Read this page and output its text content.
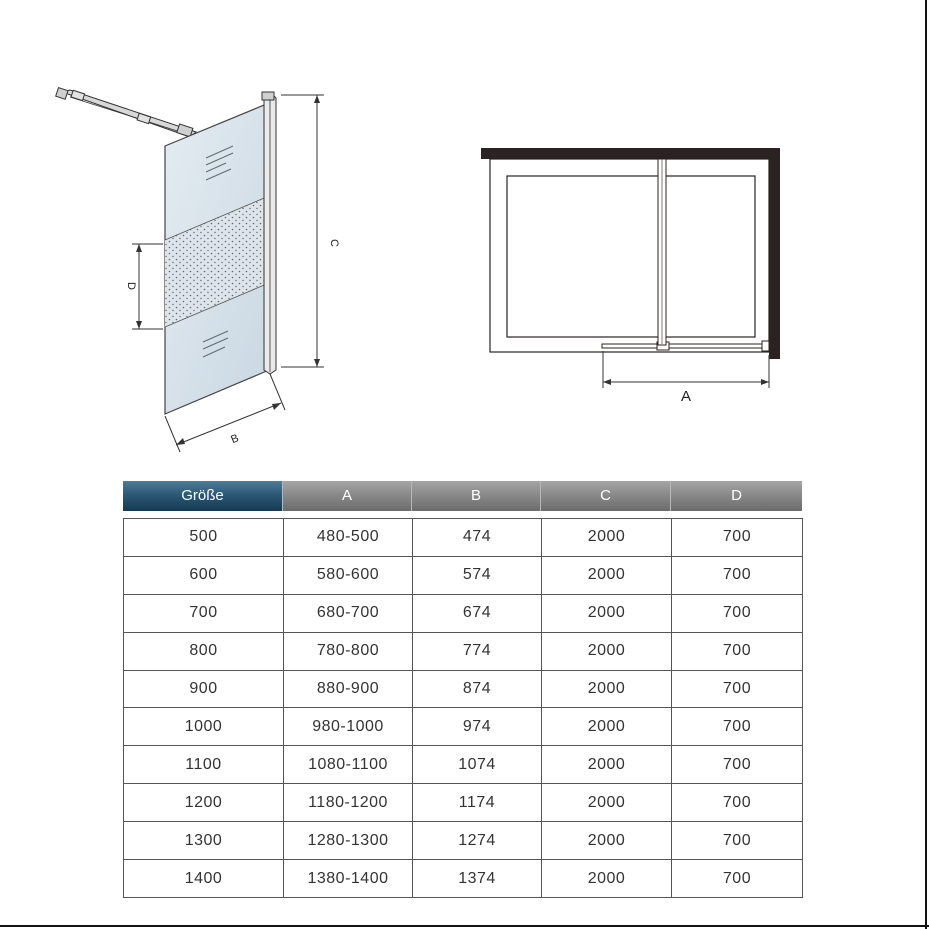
C
D
B
A
Größe	A	B	C	D
500	480-500	474	2000	700
600	580-600	574	2000	700
700	680-700	674	2000	700
800	780-800	774	2000	700
900	880-900	874	2000	700
1000	980-1000	974	2000	700
1100	1080-1100	1074	2000	700
1200	1180-1200	1174	2000	700
1300	1280-1300	1274	2000	700
1400	1380-1400	1374	2000	700
